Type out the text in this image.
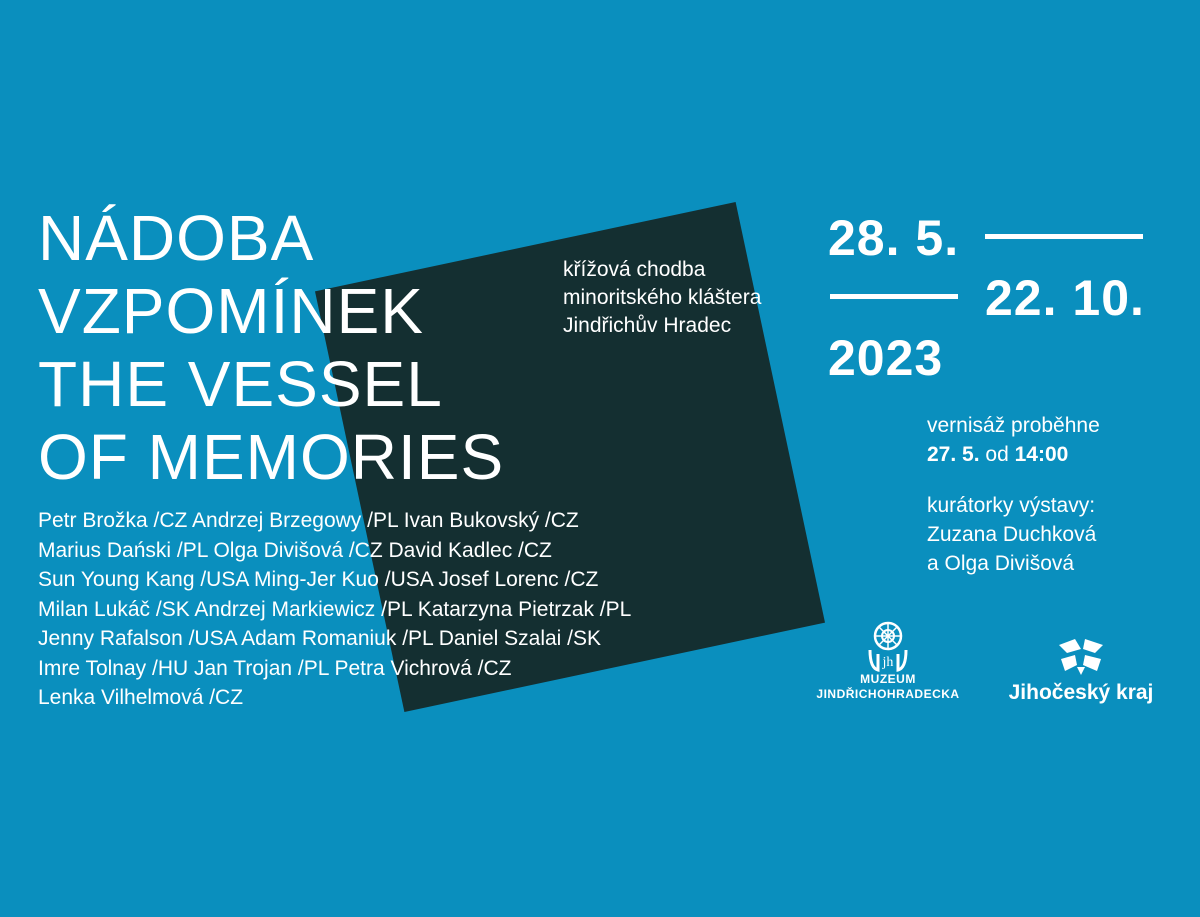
NÁDOBA
VZPOMÍNEK
THE VESSEL
OF MEMORIES
křížová chodba
minoritského kláštera
Jindřichův Hradec
Petr Brožka /CZ Andrzej Brzegowy /PL Ivan Bukovský /CZ
Marius Dański /PL Olga Divišová /CZ David Kadlec /CZ
Sun Young Kang /USA Ming-Jer Kuo /USA Josef Lorenc /CZ
Milan Lukáč /SK Andrzej Markiewicz /PL Katarzyna Pietrzak /PL
Jenny Rafalson /USA Adam Romaniuk /PL Daniel Szalai /SK
Imre Tolnay /HU Jan Trojan /PL Petra Vichrová /CZ
Lenka Vilhelmová /CZ
28. 5.
22. 10.
2023
vernisáž proběhne
27. 5. od 14:00
kurátorky výstavy:
Zuzana Duchková
a Olga Divišová
jh
MUZEUM
JINDŘICHOHRADECKA	Jihočeský kraj
